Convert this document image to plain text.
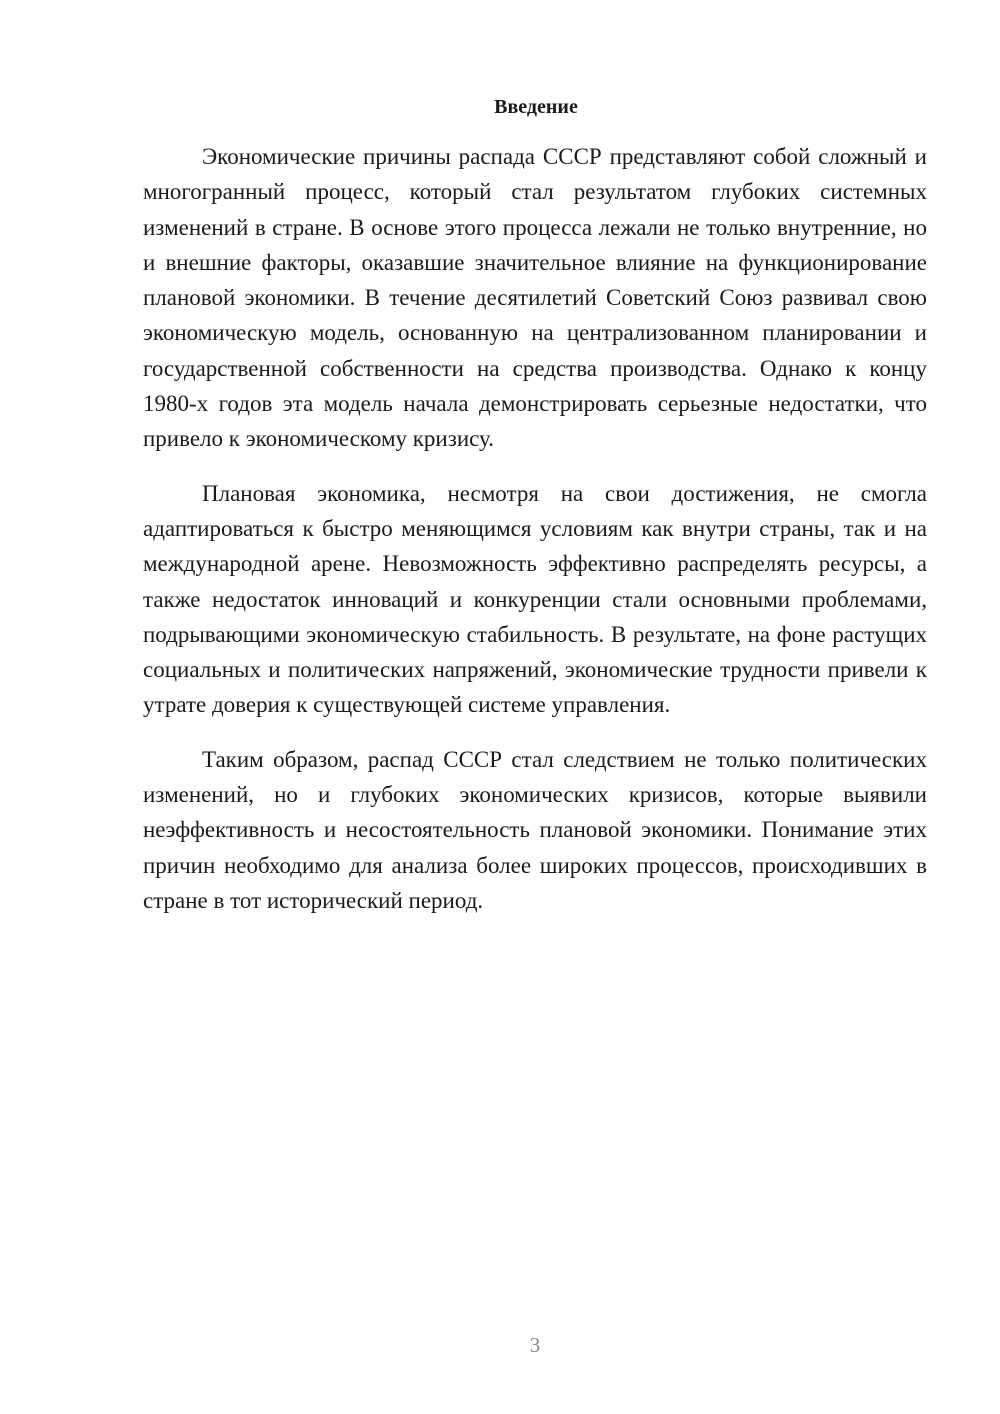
Введение

Экономические причины распада СССР представляют собой сложный и многогранный процесс, который стал результатом глубоких системных изменений в стране. В основе этого процесса лежали не только внутренние, но и внешние факторы, оказавшие значительное влияние на функционирование плановой экономики. В течение десятилетий Советский Союз развивал свою экономическую модель, основанную на централизованном планировании и государственной собственности на средства производства. Однако к концу 1980-х годов эта модель начала демонстрировать серьезные недостатки, что привело к экономическому кризису.

Плановая экономика, несмотря на свои достижения, не смогла адаптироваться к быстро меняющимся условиям как внутри страны, так и на международной арене. Невозможность эффективно распределять ресурсы, а также недостаток инноваций и конкуренции стали основными проблемами, подрывающими экономическую стабильность. В результате, на фоне растущих социальных и политических напряжений, экономические трудности привели к утрате доверия к существующей системе управления.

Таким образом, распад СССР стал следствием не только политических изменений, но и глубоких экономических кризисов, которые выявили неэффективность и несостоятельность плановой экономики. Понимание этих причин необходимо для анализа более широких процессов, происходивших в стране в тот исторический период.

3
